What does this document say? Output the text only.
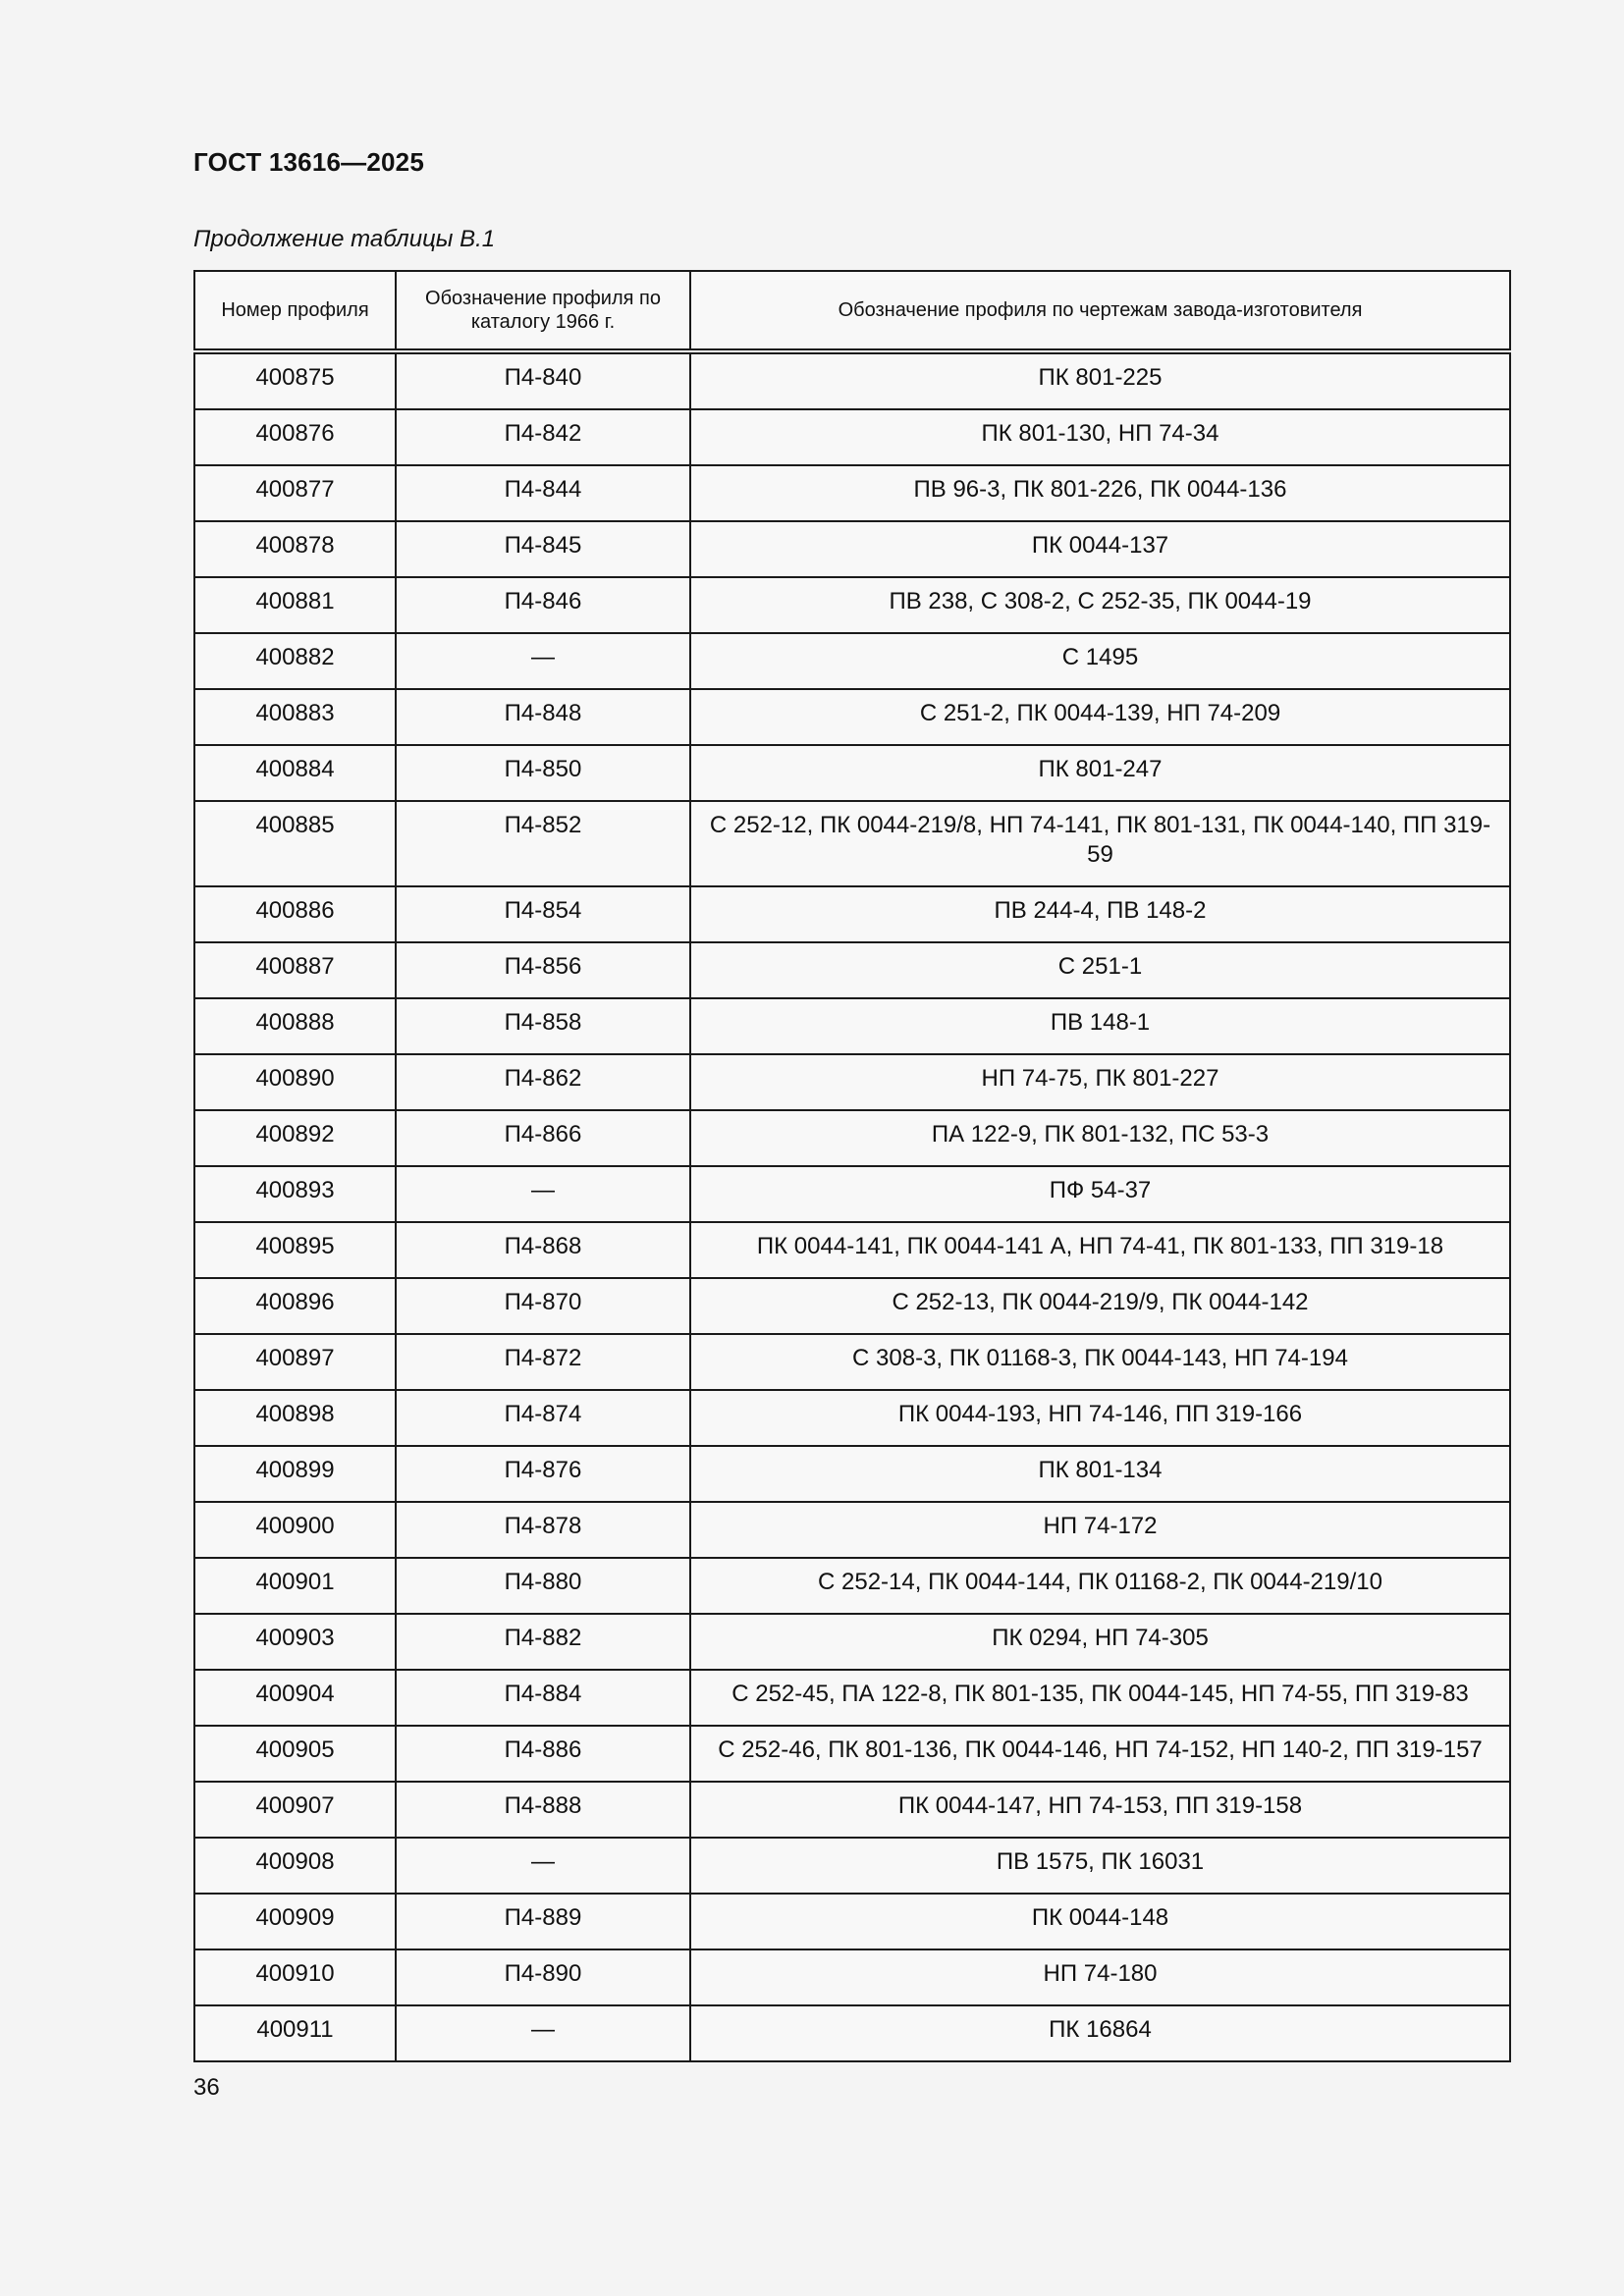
ГОСТ 13616—2025

Продолжение таблицы В.1

Номер профиля	Обозначение профиля по каталогу 1966 г.	Обозначение профиля по чертежам завода-изготовителя
400875	П4-840	ПК 801-225
400876	П4-842	ПК 801-130, НП 74-34
400877	П4-844	ПВ 96-3, ПК 801-226, ПК 0044-136
400878	П4-845	ПК 0044-137
400881	П4-846	ПВ 238, С 308-2, С 252-35, ПК 0044-19
400882	—	С 1495
400883	П4-848	С 251-2, ПК 0044-139, НП 74-209
400884	П4-850	ПК 801-247
400885	П4-852	С 252-12, ПК 0044-219/8, НП 74-141, ПК 801-131, ПК 0044-140, ПП 319-59
400886	П4-854	ПВ 244-4, ПВ 148-2
400887	П4-856	С 251-1
400888	П4-858	ПВ 148-1
400890	П4-862	НП 74-75, ПК 801-227
400892	П4-866	ПА 122-9, ПК 801-132, ПС 53-3
400893	—	ПФ 54-37
400895	П4-868	ПК 0044-141, ПК 0044-141 А, НП 74-41, ПК 801-133, ПП 319-18
400896	П4-870	С 252-13, ПК 0044-219/9, ПК 0044-142
400897	П4-872	С 308-3, ПК 01168-3, ПК 0044-143, НП 74-194
400898	П4-874	ПК 0044-193, НП 74-146, ПП 319-166
400899	П4-876	ПК 801-134
400900	П4-878	НП 74-172
400901	П4-880	С 252-14, ПК 0044-144, ПК 01168-2, ПК 0044-219/10
400903	П4-882	ПК 0294, НП 74-305
400904	П4-884	С 252-45, ПА 122-8, ПК 801-135, ПК 0044-145, НП 74-55, ПП 319-83
400905	П4-886	С 252-46, ПК 801-136, ПК 0044-146, НП 74-152, НП 140-2, ПП 319-157
400907	П4-888	ПК 0044-147, НП 74-153, ПП 319-158
400908	—	ПВ 1575, ПК 16031
400909	П4-889	ПК 0044-148
400910	П4-890	НП 74-180
400911	—	ПК 16864

36
